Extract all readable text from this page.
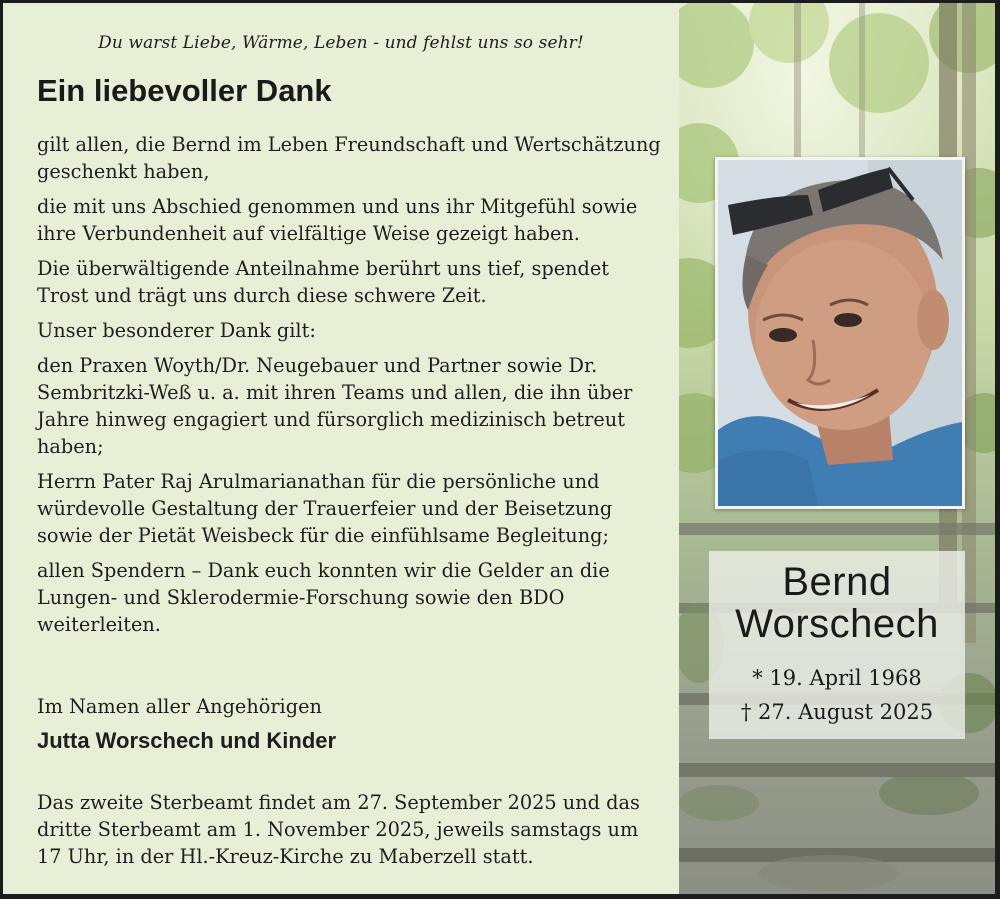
Du warst Liebe, Wärme, Leben - und fehlst uns so sehr!
Ein liebevoller Dank

gilt allen, die Bernd im Leben Freundschaft und Wertschätzung geschenkt haben,

die mit uns Abschied genommen und uns ihr Mitgefühl sowie ihre Verbundenheit auf vielfältige Weise gezeigt haben.

Die überwältigende Anteilnahme berührt uns tief, spendet Trost und trägt uns durch diese schwere Zeit.

Unser besonderer Dank gilt:

den Praxen Woyth/Dr. Neugebauer und Partner sowie Dr. Sembritzki-Weß u. a. mit ihren Teams und allen, die ihn über Jahre hinweg engagiert und fürsorglich medizinisch betreut haben;

Herrn Pater Raj Arulmarianathan für die persönliche und würdevolle Gestaltung der Trauerfeier und der Beisetzung sowie der Pietät Weisbeck für die einfühlsame Begleitung;

allen Spendern – Dank euch konnten wir die Gelder an die Lungen- und Sklerodermie-Forschung sowie den BDO weiterleiten.

Im Namen aller Angehörigen
Jutta Worschech und Kinder
Das zweite Sterbeamt findet am 27. September 2025 und das dritte Sterbeamt am 1. November 2025, jeweils samstags um 17 Uhr, in der Hl.-Kreuz-Kirche zu Maberzell statt.
Bernd
Worschech
* 19. April 1968
† 27. August 2025
